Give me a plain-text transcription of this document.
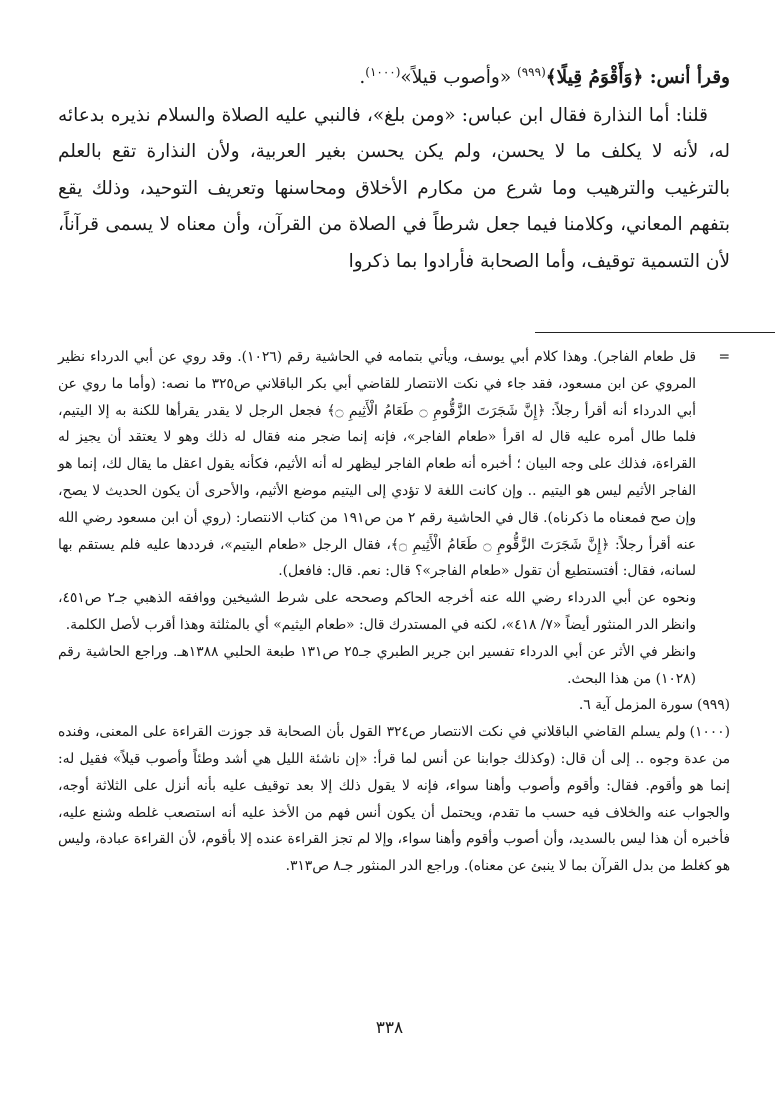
وقرأ أنس: ﴿وَأَقْوَمُ قِيلًا﴾$^{(٩٩٩)}$ «وأصوب قيلاً»$^{(١٠٠٠)}$.

قلنا: أما النذارة فقال ابن عباس: «ومن بلغ»، فالنبي عليه الصلاة والسلام نذيره بدعائه له، لأنه لا يكلف ما لا يحسن، ولم يكن يحسن بغير العربية، ولأن النذارة تقع بالعلم بالترغيب والترهيب وما شرع من مكارم الأخلاق ومحاسنها وتعريف التوحيد، وذلك يقع بتفهم المعاني، وكلامنا فيما جعل شرطاً في الصلاة من القرآن، وأن معناه لا يسمى قرآناً، لأن التسمية توقيف، وأما الصحابة فأرادوا بما ذكروا

=
قل طعام الفاجر). وهذا كلام أبي يوسف، ويأتي بتمامه في الحاشية رقم (١٠٢٦). وقد روي عن أبي الدرداء نظير المروي عن ابن مسعود، فقد جاء في نكت الانتصار للقاضي أبي بكر الباقلاني ص٣٢٥ ما نصه: (وأما ما روي عن أبي الدرداء أنه أقرأ رجلاً: ﴿إِنَّ شَجَرَتَ الزَّقُّومِ ۝ طَعَامُ الْأَثِيمِ ۝﴾ فجعل الرجل لا يقدر يقرأها للكنة به إلا اليتيم، فلما طال أمره عليه قال له اقرأ «طعام الفاجر»، فإنه إنما ضجر منه فقال له ذلك وهو لا يعتقد أن يجيز له القراءة، فذلك على وجه البيان ؛ أخبره أنه طعام الفاجر ليظهر له أنه الأثيم، فكأنه يقول اعقل ما يقال لك، إنما هو الفاجر الأثيم ليس هو اليتيم .. وإن كانت اللغة لا تؤدي إلى اليتيم موضع الأثيم، والأحرى أن يكون الحديث لا يصح، وإن صح فمعناه ما ذكرناه). قال في الحاشية رقم ٢ من ص١٩١ من كتاب الانتصار: (روي أن ابن مسعود رضي الله عنه أقرأ رجلاً: ﴿إِنَّ شَجَرَتَ الزَّقُّومِ ۝ طَعَامُ الْأَثِيمِ ۝﴾، فقال الرجل «طعام اليتيم»، فرددها عليه فلم يستقم بها لسانه، فقال: أفتستطيع أن تقول «طعام الفاجر»؟ قال: نعم. قال: فافعل).

ونحوه عن أبي الدرداء رضي الله عنه أخرجه الحاكم وصححه على شرط الشيخين ووافقه الذهبي جـ٢ ص٤٥١، وانظر الدر المنثور أيضاً «٧/ ٤١٨»، لكنه في المستدرك قال: «طعام اليثيم» أي بالمثلثة وهذا أقرب لأصل الكلمة.

وانظر في الأثر عن أبي الدرداء تفسير ابن جرير الطبري جـ٢٥ ص١٣١ طبعة الحلبي ١٣٨٨هـ. وراجع الحاشية رقم (١٠٢٨) من هذا البحث.

(٩٩٩)سورة المزمل آية ٦.

(١٠٠٠)ولم يسلم القاضي الباقلاني في نكت الانتصار ص٣٢٤ القول بأن الصحابة قد جوزت القراءة على المعنى، وفنده من عدة وجوه .. إلى أن قال: (وكذلك جوابنا عن أنس لما قرأ: «إن ناشئة الليل هي أشد وطئاً وأصوب قيلاً» فقيل له: إنما هو وأقوم. فقال: وأقوم وأصوب وأهنا سواء، فإنه لا يقول ذلك إلا بعد توقيف عليه بأنه أنزل على الثلاثة أوجه، والجواب عنه والخلاف فيه حسب ما تقدم، ويحتمل أن يكون أنس فهم من الأخذ عليه أنه استصعب غلطه وشنع عليه، فأخبره أن هذا ليس بالسديد، وأن أصوب وأقوم وأهنا سواء، وإلا لم تجز القراءة عنده إلا بأقوم، لأن القراءة عبادة، وليس هو كغلط من بدل القرآن بما لا ينبئ عن معناه). وراجع الدر المنثور جـ٨ ص٣١٣.

٣٣٨
